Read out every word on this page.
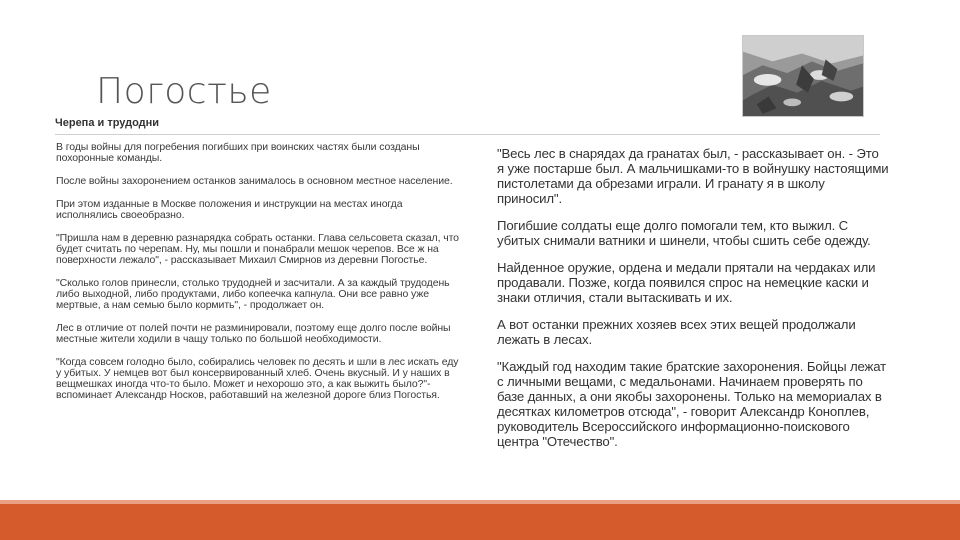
Погостье
Черепа и трудодни

В годы войны для погребения погибших при воинских частях были созданы похоронные команды.

После войны захоронением останков занималось в основном местное население.

При этом изданные в Москве положения и инструкции на местах иногда исполнялись своеобразно.

"Пришла нам в деревню разнарядка собрать останки. Глава сельсовета сказал, что будет считать по черепам. Ну, мы пошли и понабрали мешок черепов. Все ж на поверхности лежало", - рассказывает Михаил Смирнов из деревни Погостье.

"Сколько голов принесли, столько трудодней и засчитали. А за каждый трудодень либо выходной, либо продуктами, либо копеечка капнула. Они все равно уже мертвые, а нам семью было кормить", - продолжает он.

Лес в отличие от полей почти не разминировали, поэтому еще долго после войны местные жители ходили в чащу только по большой необходимости.

"Когда совсем голодно было, собирались человек по десять и шли в лес искать еду у убитых. У немцев вот был консервированный хлеб. Очень вкусный. И у наших в вещмешках иногда что-то было. Может и нехорошо это, а как выжить было?"- вспоминает Александр Носков, работавший на железной дороге близ Погостья.

"Весь лес в снарядах да гранатах был, - рассказывает он. - Это я уже постарше был. А мальчишками-то в войнушку настоящими пистолетами да обрезами играли. И гранату я в школу приносил".

Погибшие солдаты еще долго помогали тем, кто выжил. С убитых снимали ватники и шинели, чтобы сшить себе одежду.

Найденное оружие, ордена и медали прятали на чердаках или продавали. Позже, когда появился спрос на немецкие каски и знаки отличия, стали вытаскивать и их.

А вот останки прежних хозяев всех этих вещей продолжали лежать в лесах.

"Каждый год находим такие братские захоронения. Бойцы лежат с личными вещами, с медальонами. Начинаем проверять по базе данных, а они якобы захоронены. Только на мемориалах в десятках километров отсюда", - говорит Александр Коноплев, руководитель Всероссийского информационно-поискового центра "Отечество".
